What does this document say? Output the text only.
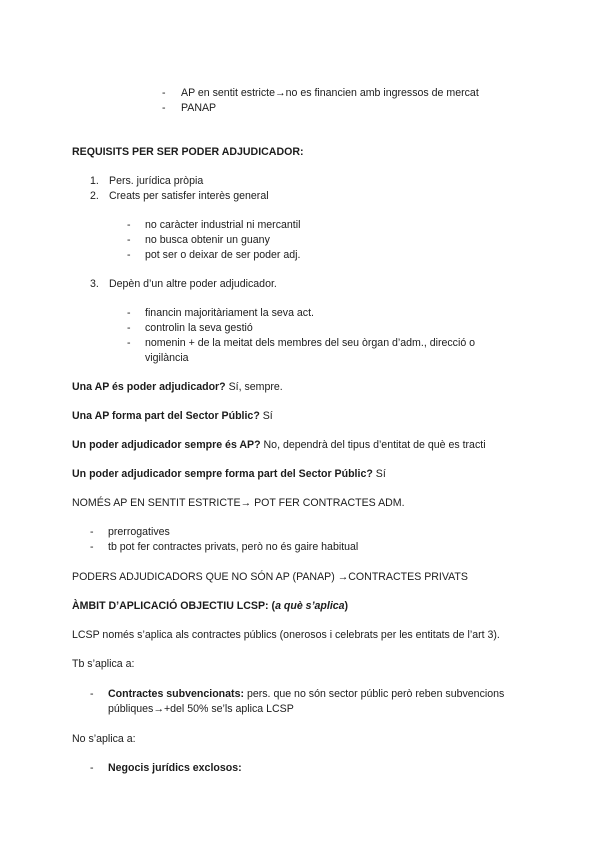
- AP en sentit estricte→no es financien amb ingressos de mercat
- PANAP
REQUISITS PER SER PODER ADJUDICADOR:
1. Pers. jurídica pròpia
2. Creats per satisfer interès general
- no caràcter industrial ni mercantil
- no busca obtenir un guany
- pot ser o deixar de ser poder adj.
3. Depèn d’un altre poder adjudicador.
- financin majoritàriament la seva act.
- controlin la seva gestió
- nomenin + de la meitat dels membres del seu òrgan d’adm., direcció o
vigilància
Una AP és poder adjudicador? Sí, sempre.
Una AP forma part del Sector Públic? Sí
Un poder adjudicador sempre és AP? No, dependrà del tipus d’entitat de què es tracti
Un poder adjudicador sempre forma part del Sector Públic? Sí
NOMÉS AP EN SENTIT ESTRICTE→ POT FER CONTRACTES ADM.
- prerrogatives
- tb pot fer contractes privats, però no és gaire habitual
PODERS ADJUDICADORS QUE NO SÓN AP (PANAP) →CONTRACTES PRIVATS
ÀMBIT D’APLICACIÓ OBJECTIU LCSP: (a què s’aplica)
LCSP només s’aplica als contractes públics (onerosos i celebrats per les entitats de l’art 3).
Tb s’aplica a:
- Contractes subvencionats: pers. que no són sector públic però reben subvencions
públiques→+del 50% se’ls aplica LCSP
No s’aplica a:
- Negocis jurídics exclosos:
